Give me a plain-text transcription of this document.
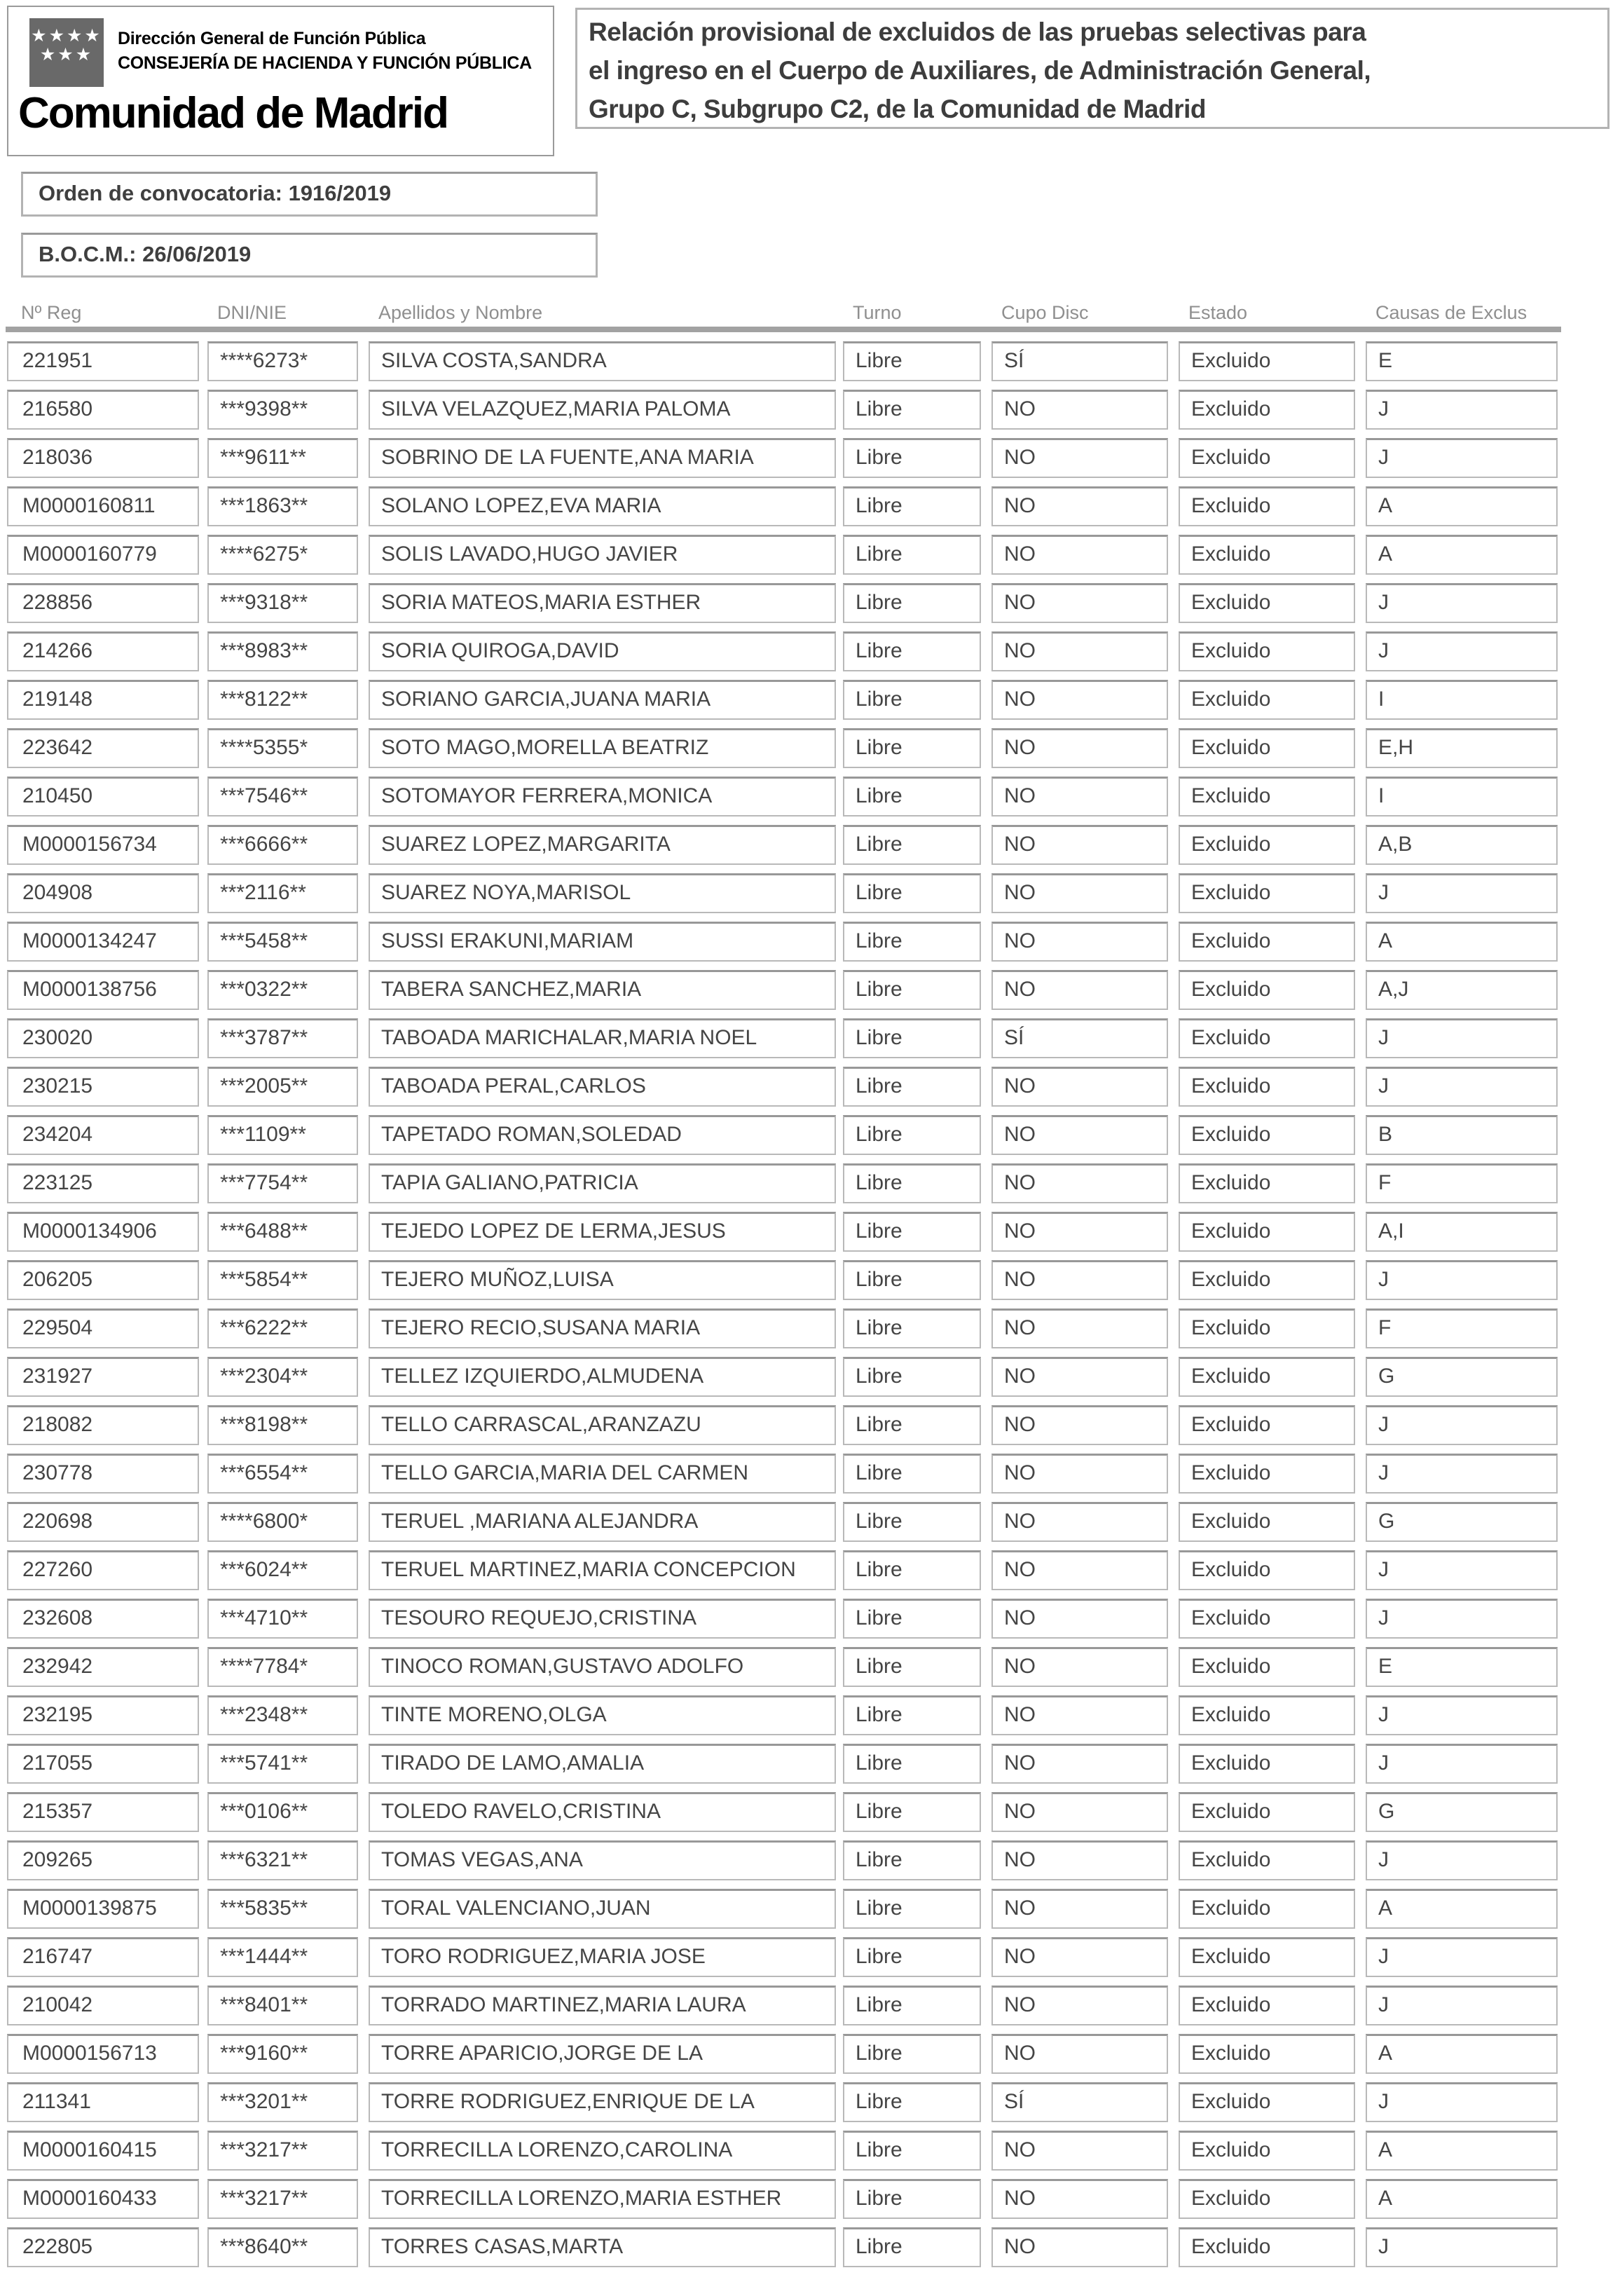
★★★★
★★★
Dirección General de Función Pública
CONSEJERÍA DE HACIENDA Y FUNCIÓN PÚBLICA
Comunidad de Madrid
Relación provisional de excluidos de las pruebas selectivas para
el ingreso en el Cuerpo de Auxiliares, de Administración General,
Grupo C, Subgrupo C2, de la Comunidad de Madrid
Orden de convocatoria: 1916/2019
B.O.C.M.: 26/06/2019
Nº Reg	DNI/NIE	Apellidos y Nombre	Turno	Cupo Disc	Estado	Causas de Exclus
221951	****6273*	SILVA COSTA,SANDRA	Libre	SÍ	Excluido	E
216580	***9398**	SILVA VELAZQUEZ,MARIA PALOMA	Libre	NO	Excluido	J
218036	***9611**	SOBRINO DE LA FUENTE,ANA MARIA	Libre	NO	Excluido	J
M0000160811	***1863**	SOLANO LOPEZ,EVA MARIA	Libre	NO	Excluido	A
M0000160779	****6275*	SOLIS LAVADO,HUGO JAVIER	Libre	NO	Excluido	A
228856	***9318**	SORIA MATEOS,MARIA ESTHER	Libre	NO	Excluido	J
214266	***8983**	SORIA QUIROGA,DAVID	Libre	NO	Excluido	J
219148	***8122**	SORIANO GARCIA,JUANA MARIA	Libre	NO	Excluido	I
223642	****5355*	SOTO MAGO,MORELLA BEATRIZ	Libre	NO	Excluido	E,H
210450	***7546**	SOTOMAYOR FERRERA,MONICA	Libre	NO	Excluido	I
M0000156734	***6666**	SUAREZ LOPEZ,MARGARITA	Libre	NO	Excluido	A,B
204908	***2116**	SUAREZ NOYA,MARISOL	Libre	NO	Excluido	J
M0000134247	***5458**	SUSSI ERAKUNI,MARIAM	Libre	NO	Excluido	A
M0000138756	***0322**	TABERA SANCHEZ,MARIA	Libre	NO	Excluido	A,J
230020	***3787**	TABOADA MARICHALAR,MARIA NOEL	Libre	SÍ	Excluido	J
230215	***2005**	TABOADA PERAL,CARLOS	Libre	NO	Excluido	J
234204	***1109**	TAPETADO ROMAN,SOLEDAD	Libre	NO	Excluido	B
223125	***7754**	TAPIA GALIANO,PATRICIA	Libre	NO	Excluido	F
M0000134906	***6488**	TEJEDO LOPEZ DE LERMA,JESUS	Libre	NO	Excluido	A,I
206205	***5854**	TEJERO MUÑOZ,LUISA	Libre	NO	Excluido	J
229504	***6222**	TEJERO RECIO,SUSANA MARIA	Libre	NO	Excluido	F
231927	***2304**	TELLEZ IZQUIERDO,ALMUDENA	Libre	NO	Excluido	G
218082	***8198**	TELLO CARRASCAL,ARANZAZU	Libre	NO	Excluido	J
230778	***6554**	TELLO GARCIA,MARIA DEL CARMEN	Libre	NO	Excluido	J
220698	****6800*	TERUEL ,MARIANA ALEJANDRA	Libre	NO	Excluido	G
227260	***6024**	TERUEL MARTINEZ,MARIA CONCEPCION	Libre	NO	Excluido	J
232608	***4710**	TESOURO REQUEJO,CRISTINA	Libre	NO	Excluido	J
232942	****7784*	TINOCO ROMAN,GUSTAVO ADOLFO	Libre	NO	Excluido	E
232195	***2348**	TINTE MORENO,OLGA	Libre	NO	Excluido	J
217055	***5741**	TIRADO DE LAMO,AMALIA	Libre	NO	Excluido	J
215357	***0106**	TOLEDO RAVELO,CRISTINA	Libre	NO	Excluido	G
209265	***6321**	TOMAS VEGAS,ANA	Libre	NO	Excluido	J
M0000139875	***5835**	TORAL VALENCIANO,JUAN	Libre	NO	Excluido	A
216747	***1444**	TORO RODRIGUEZ,MARIA JOSE	Libre	NO	Excluido	J
210042	***8401**	TORRADO MARTINEZ,MARIA LAURA	Libre	NO	Excluido	J
M0000156713	***9160**	TORRE APARICIO,JORGE DE LA	Libre	NO	Excluido	A
211341	***3201**	TORRE RODRIGUEZ,ENRIQUE DE LA	Libre	SÍ	Excluido	J
M0000160415	***3217**	TORRECILLA LORENZO,CAROLINA	Libre	NO	Excluido	A
M0000160433	***3217**	TORRECILLA LORENZO,MARIA ESTHER	Libre	NO	Excluido	A
222805	***8640**	TORRES CASAS,MARTA	Libre	NO	Excluido	J
